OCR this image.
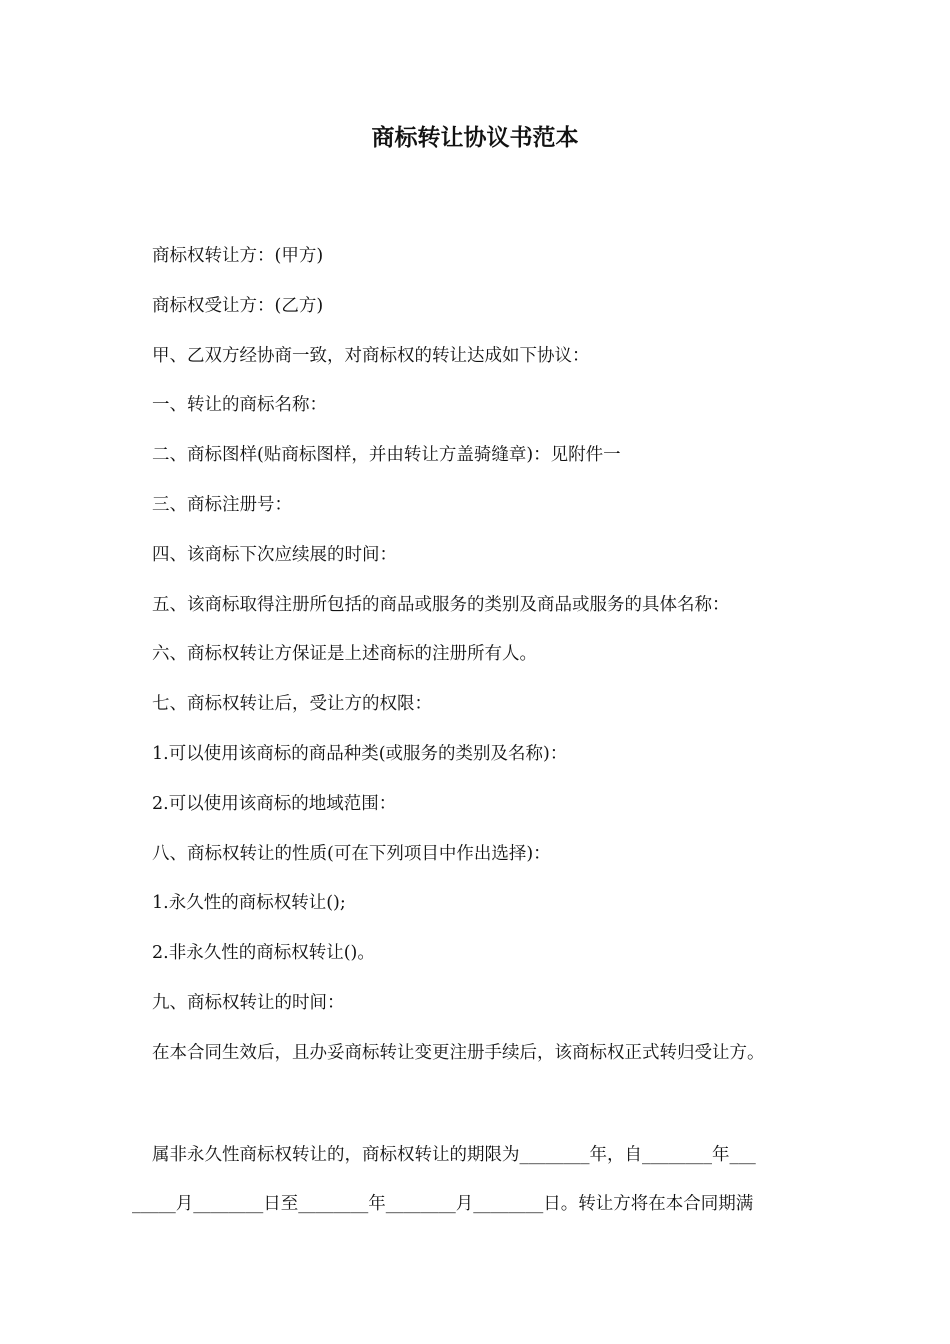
商标转让协议书范本
商标权转让方：(甲方)
商标权受让方：(乙方)
甲、乙双方经协商一致，对商标权的转让达成如下协议：
一、转让的商标名称：
二、商标图样(贴商标图样，并由转让方盖骑缝章)：见附件一
三、商标注册号：
四、该商标下次应续展的时间：
五、该商标取得注册所包括的商品或服务的类别及商品或服务的具体名称：
六、商标权转让方保证是上述商标的注册所有人。
七、商标权转让后，受让方的权限：
1.可以使用该商标的商品种类(或服务的类别及名称)：
2.可以使用该商标的地域范围：
八、商标权转让的性质(可在下列项目中作出选择)：
1.永久性的商标权转让();
2.非永久性的商标权转让()。
九、商标权转让的时间：
在本合同生效后，且办妥商标转让变更注册手续后，该商标权正式转归受让方。

属非永久性商标权转让的，商标权转让的期限为________年，自________年___

_____月________日至________年________月________日。转让方将在本合同期满
